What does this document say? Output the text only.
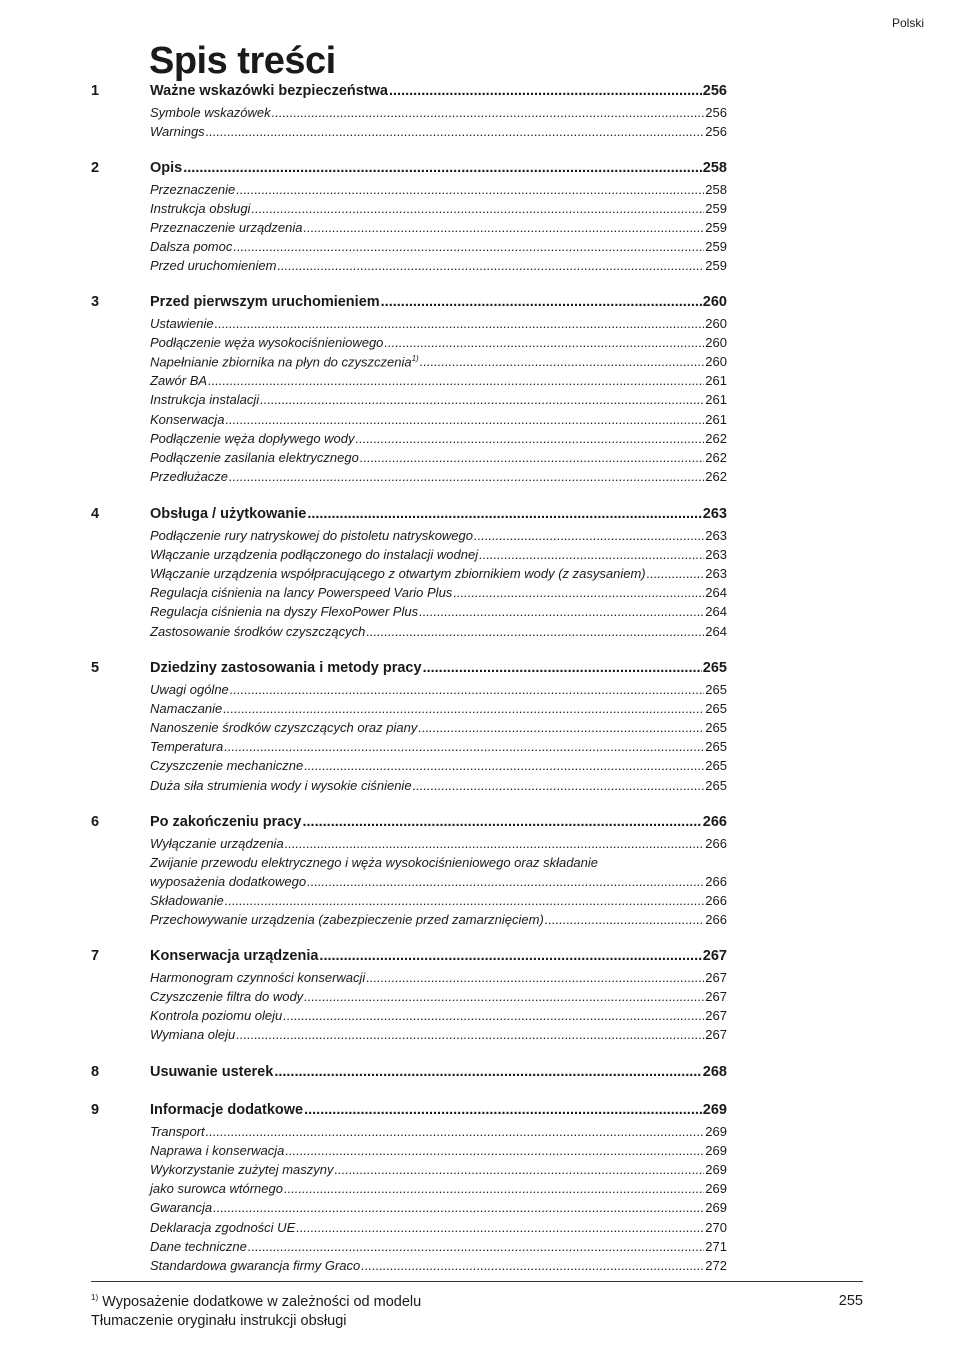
Polski
Spis treści
1	Ważne wskazówki bezpieczeństwa .....	256
Symbole wskazówek .....	256
Warnings .....	256
2	Opis .....	258
Przeznaczenie .....	258
Instrukcja obsługi .....	259
Przeznaczenie urządzenia .....	259
Dalsza pomoc .....	259
Przed uruchomieniem .....	259
3	Przed pierwszym uruchomieniem .....	260
Ustawienie .....	260
Podłączenie węża wysokociśnieniowego .....	260
Napełnianie zbiornika na płyn do czyszczenia$^{1)}$ .....	260
Zawór BA .....	261
Instrukcja instalacji .....	261
Konserwacja .....	261
Podłączenie węża dopływego wody .....	262
Podłączenie zasilania elektrycznego .....	262
Przedłużacze .....	262
4	Obsługa / użytkowanie .....	263
Podłączenie rury natryskowej do pistoletu natryskowego .....	263
Włączanie urządzenia podłączonego do instalacji wodnej .....	263
Włączanie urządzenia współpracującego z otwartym zbiornikiem wody (z zasysaniem) .....	263
Regulacja ciśnienia na lancy Powerspeed Vario Plus .....	264
Regulacja ciśnienia na dyszy FlexoPower Plus .....	264
Zastosowanie środków czyszczących .....	264
5	Dziedziny zastosowania i metody pracy .....	265
Uwagi ogólne .....	265
Namaczanie .....	265
Nanoszenie środków czyszczących oraz piany .....	265
Temperatura .....	265
Czyszczenie mechaniczne .....	265
Duża siła strumienia wody i wysokie ciśnienie .....	265
6	Po zakończeniu pracy .....	266
Wyłączanie urządzenia .....	266
Zwijanie przewodu elektrycznego i węża wysokociśnieniowego oraz składanie
wyposażenia dodatkowego .....	266
Składowanie .....	266
Przechowywanie urządzenia (zabezpieczenie przed zamarznięciem) .....	266
7	Konserwacja urządzenia .....	267
Harmonogram czynności konserwacji .....	267
Czyszczenie filtra do wody .....	267
Kontrola poziomu oleju .....	267
Wymiana oleju .....	267
8	Usuwanie usterek .....	268
9	Informacje dodatkowe .....	269
Transport .....	269
Naprawa i konserwacja .....	269
Wykorzystanie zużytej maszyny .....	269
jako surowca wtórnego .....	269
Gwarancja .....	269
Deklaracja zgodności UE .....	270
Dane techniczne .....	271
Standardowa gwarancja firmy Graco .....	272
$^{1)}$ Wyposażenie dodatkowe w zależności od modelu
Tłumaczenie oryginału instrukcji obsługi
255
